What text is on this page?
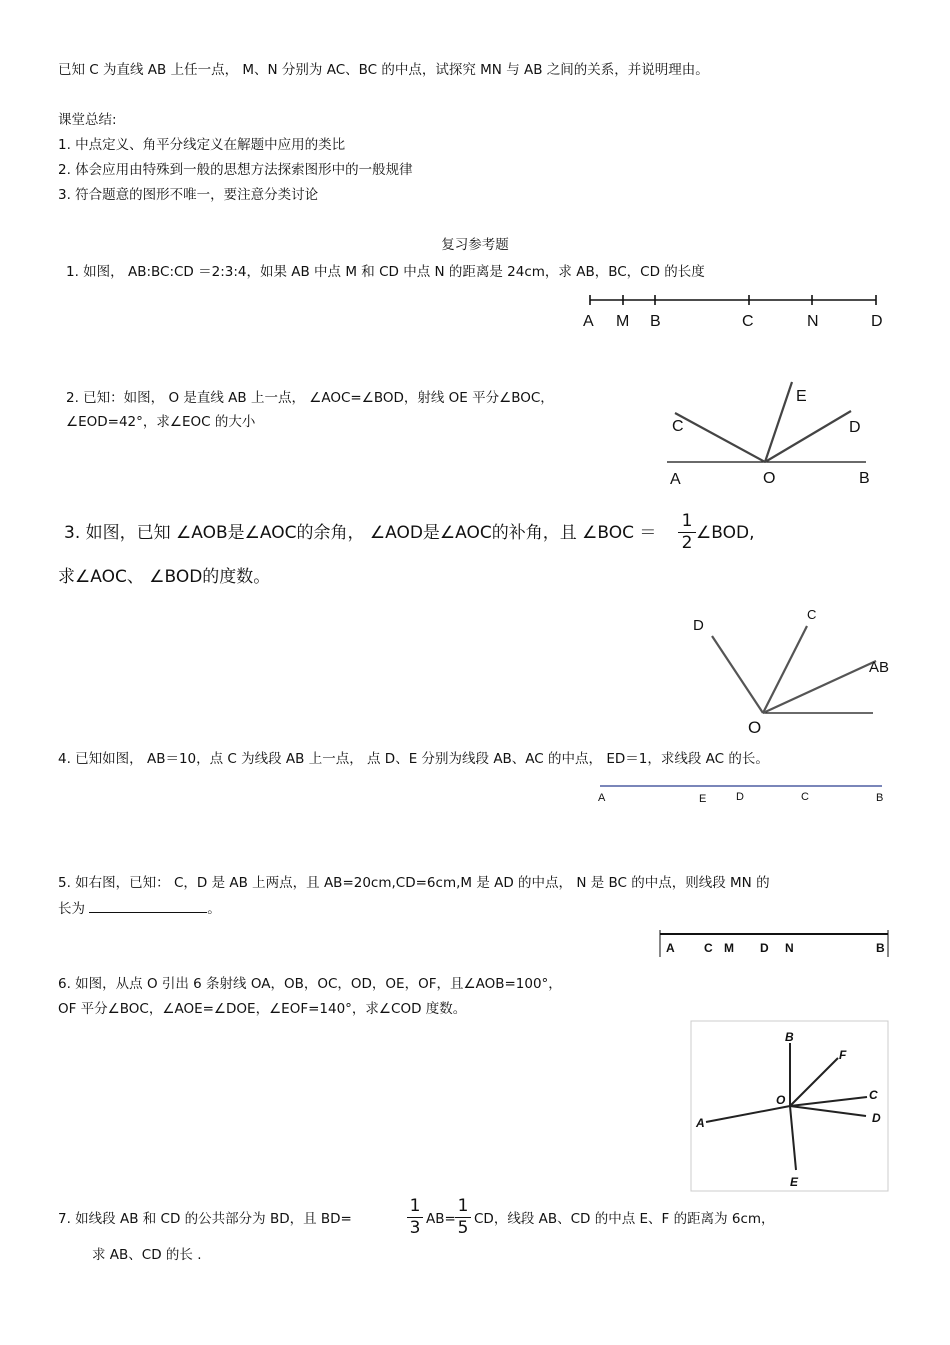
已知 C 为直线 AB 上任一点， M、N 分别为 AC、BC 的中点，试探究 MN 与 AB 之间的关系，并说明理由。
课堂总结:
1. 中点定义、角平分线定义在解题中应用的类比
2. 体会应用由特殊到一般的思想方法探索图形中的一般规律
3. 符合题意的图形不唯一，要注意分类讨论
复习参考题
1. 如图， AB:BC:CD ＝2:3:4，如果 AB 中点 M 和 CD 中点 N 的距离是 24cm，求 AB，BC，CD 的长度
2. 已知：如图， O 是直线 AB 上一点， ∠AOC=∠BOD，射线 OE 平分∠BOC，
∠EOD=42°，求∠EOC 的大小
3. 如图，已知 ∠AOB是∠AOC的余角， ∠AOD是∠AOC的补角，且 ∠BOC ＝
1
2 ∠BOD,
求∠AOC、 ∠BOD的度数。
4. 已知如图， AB＝10，点 C 为线段 AB 上一点， 点 D、E 分别为线段 AB、AC 的中点， ED＝1，求线段 AC 的长。
5. 如右图，已知： C，D 是 AB 上两点，且 AB=20cm,CD=6cm,M 是 AD 的中点， N 是 BC 的中点，则线段 MN 的
长为	。
6. 如图，从点 O 引出 6 条射线 OA，OB，OC，OD，OE，OF，且∠AOB=100°，
OF 平分∠BOC，∠AOE=∠DOE，∠EOF=140°，求∠COD 度数。
7. 如线段 AB 和 CD 的公共部分为 BD，且 BD=
1
3 AB=
1
5 CD，线段 AB、CD 的中点 E、F 的距离为 6cm，
求 AB、CD 的长 .
A M B	C	N	D
E
C	D
A	O	B
D
C
AB
O
A	E	D	C	B
A C M D N	B
B
F
O	C
A	D
E
